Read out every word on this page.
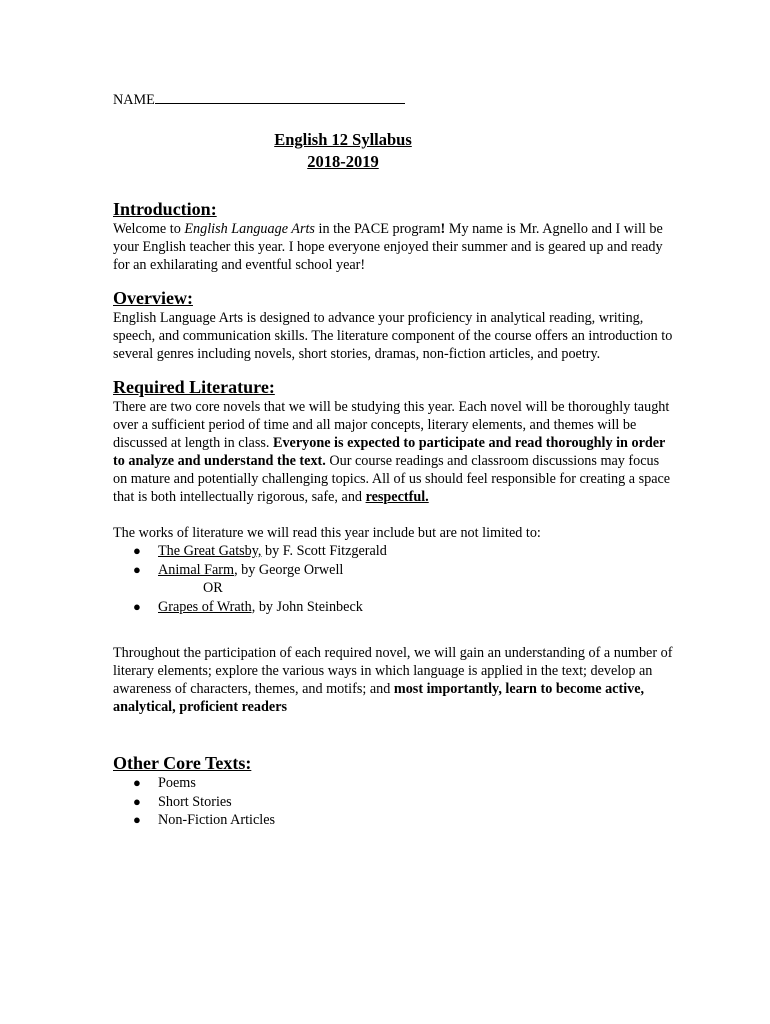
NAME

English 12 Syllabus

2018-2019

Introduction:

Welcome to English Language Arts in the PACE program! My name is Mr. Agnello and I will be your English teacher this year. I hope everyone enjoyed their summer and is geared up and ready for an exhilarating and eventful school year!

Overview:

English Language Arts is designed to advance your proficiency in analytical reading, writing, speech, and communication skills. The literature component of the course offers an introduction to several genres including novels, short stories, dramas, non-fiction articles, and poetry.

Required Literature:

There are two core novels that we will be studying this year. Each novel will be thoroughly taught over a sufficient period of time and all major concepts, literary elements, and themes will be discussed at length in class. Everyone is expected to participate and read thoroughly in order to analyze and understand the text. Our course readings and classroom discussions may focus on mature and potentially challenging topics. All of us should feel responsible for creating a space that is both intellectually rigorous, safe, and respectful.

The works of literature we will read this year include but are not limited to:

● The Great Gatsby, by F. Scott Fitzgerald
● Animal Farm, by George Orwell

OR

● Grapes of Wrath, by John Steinbeck

Throughout the participation of each required novel, we will gain an understanding of a number of literary elements; explore the various ways in which language is applied in the text; develop an awareness of characters, themes, and motifs; and most importantly, learn to become active, analytical, proficient readers

Other Core Texts:
● Poems
● Short Stories
● Non-Fiction Articles
